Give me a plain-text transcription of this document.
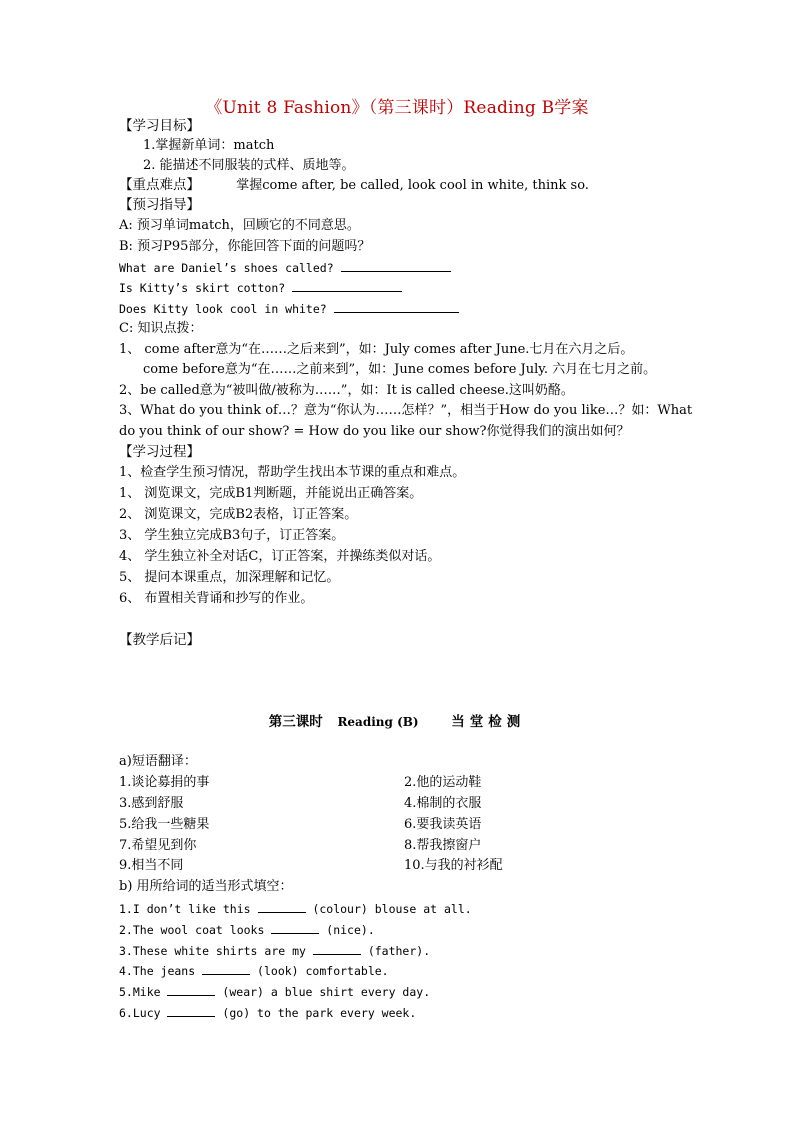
《Unit 8 Fashion》（第三课时）Reading B学案
【学习目标】
1.掌握新单词：match
2. 能描述不同服装的式样、质地等。
【重点难点】	掌握come after, be called, look cool in white, think so.
【预习指导】
A: 预习单词match，回顾它的不同意思。
B: 预习P95部分，你能回答下面的问题吗？
What are Daniel’s shoes called?
Is Kitty’s skirt cotton?
Does Kitty look cool in white?
C: 知识点拨：
1、 come after意为“在……之后来到”，如：July comes after June.七月在六月之后。
come before意为“在……之前来到”，如：June comes before July. 六月在七月之前。
2、be called意为“被叫做/被称为……”，如：It is called cheese.这叫奶酪。
3、What do you think of…？意为“你认为……怎样？”，相当于How do you like…？如：What
do you think of our show? = How do you like our show?你觉得我们的演出如何？
【学习过程】
1、检查学生预习情况，帮助学生找出本节课的重点和难点。
1、 浏览课文，完成B1判断题，并能说出正确答案。
2、 浏览课文，完成B2表格，订正答案。
3、 学生独立完成B3句子，订正答案。
4、 学生独立补全对话C，订正答案，并操练类似对话。
5、 提问本课重点，加深理解和记忆。
6、 布置相关背诵和抄写的作业。
【教学后记】
第三课时 Reading (B) 当堂检测
a)短语翻译：
1.谈论募捐的事	2.他的运动鞋
3.感到舒服	4.棉制的衣服
5.给我一些糖果	6.要我读英语
7.希望见到你	8.帮我擦窗户
9.相当不同	10.与我的衬衫配
b) 用所给词的适当形式填空：
1.I don’t like this	(colour) blouse at all.
2.The wool coat looks	(nice).
3.These white shirts are my	(father).
4.The jeans	(look) comfortable.
5.Mike	(wear) a blue shirt every day.
6.Lucy	(go) to the park every week.
